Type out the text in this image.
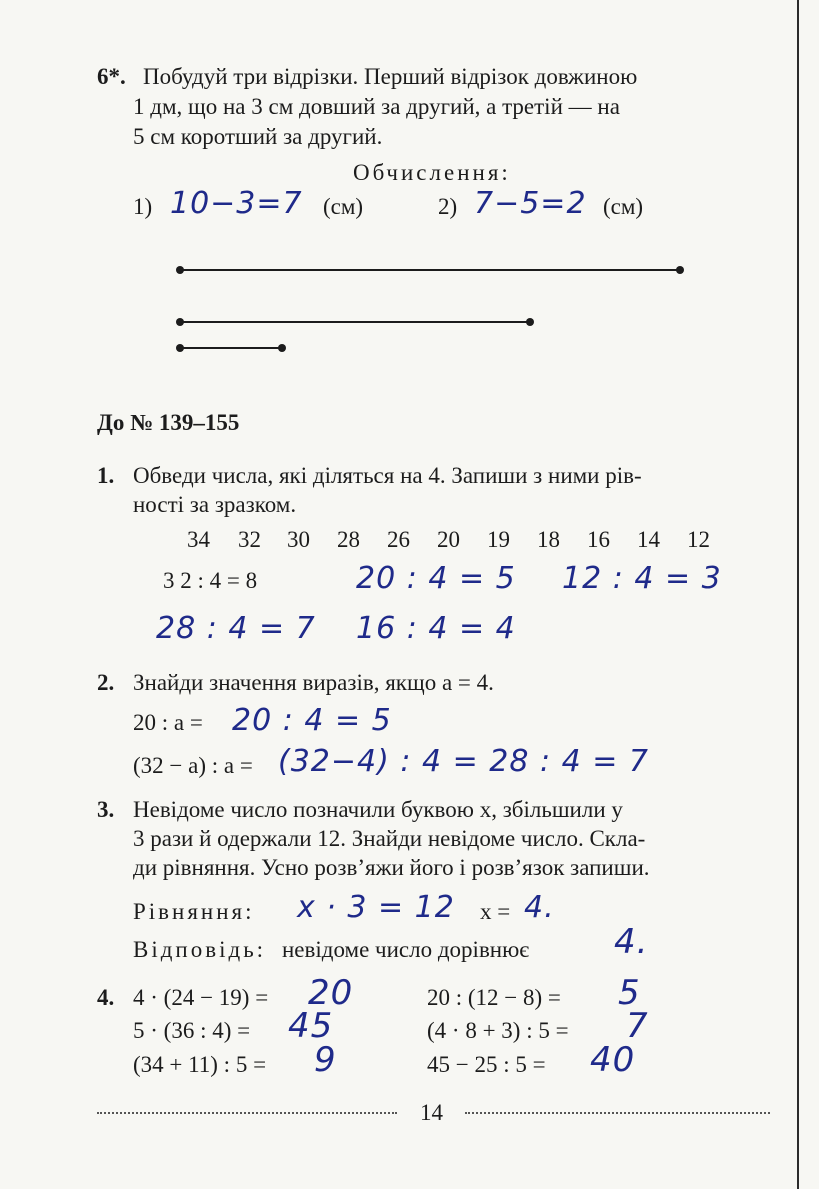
6*. Побудуй три відрізки. Перший відрізок довжиною
1 дм, що на 3 см довший за другий, а третій — на
5 см коротший за другий.
Обчислення:
1) 10−3=7 (см)	2) 7−5=2 (см)
До № 139–155
1. Обведи числа, які діляться на 4. Запиши з ними рів-
ності за зразком.
34 32 30 28 26 20 19 18 16 14 12
3 2 : 4 = 8	20 : 4 = 5 12 : 4 = 3
28 : 4 = 7 16 : 4 = 4
2. Знайди значення виразів, якщо a = 4.
20 : a = 20 : 4 = 5
(32 − a) : a = (32−4) : 4 = 28 : 4 = 7
3. Невідоме число позначили буквою x, збільшили у
3 рази й одержали 12. Знайди невідоме число. Скла-
ди рівняння. Усно розв’яжи його і розв’язок запиши.
Рівняння: x · 3 = 12 x = 4.
Відповідь: невідоме число дорівнює 4.
4. 4 · (24 − 19) = 20
5 · (36 : 4) = 45
(34 + 11) : 5 = 9
20 : (12 − 8) = 5
(4 · 8 + 3) : 5 = 7
45 − 25 : 5 = 40
14
